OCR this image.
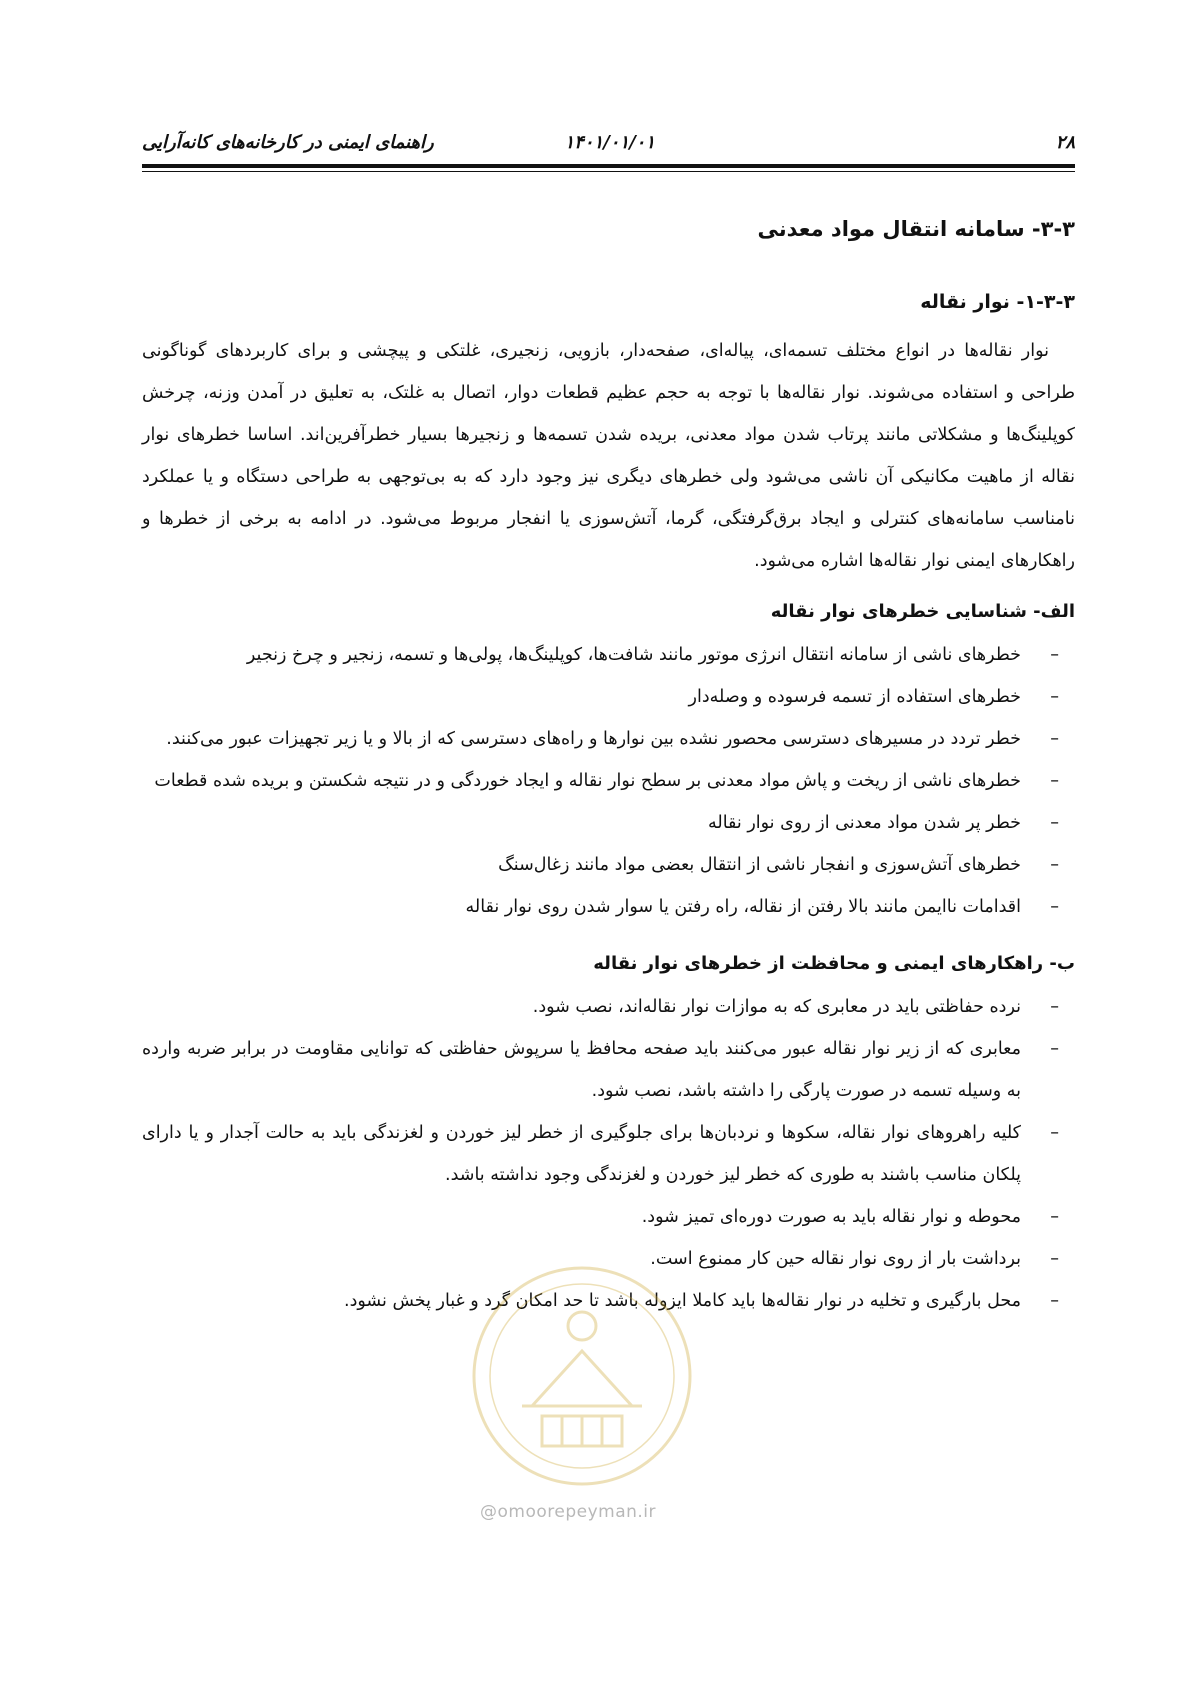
۲۸
۱۴۰۱/۰۱/۰۱
راهنمای ایمنی در کارخانه‌های کانه‌آرایی
۳-۳- سامانه انتقال مواد معدنی
۱-۳-۳- نوار نقاله

نوار نقاله‌ها در انواع مختلف تسمه‌ای، پیاله‌ای، صفحه‌دار، بازویی، زنجیری، غلتکی و پیچشی و برای کاربردهای گوناگونی طراحی و استفاده می‌شوند. نوار نقاله‌ها با توجه به حجم عظیم قطعات دوار، اتصال به غلتک، به تعلیق در آمدن وزنه، چرخش کوپلینگ‌ها و مشکلاتی مانند پرتاب شدن مواد معدنی، بریده شدن تسمه‌ها و زنجیرها بسیار خطرآفرین‌اند. اساسا خطرهای نوار نقاله از ماهیت مکانیکی آن ناشی می‌شود ولی خطرهای دیگری نیز وجود دارد که به بی‌توجهی به طراحی دستگاه و یا عملکرد نامناسب سامانه‌های کنترلی و ایجاد برق‌گرفتگی، گرما، آتش‌سوزی یا انفجار مربوط می‌شود. در ادامه به برخی از خطرها و راهکارهای ایمنی نوار نقاله‌ها اشاره می‌شود.

الف- شناسایی خطرهای نوار نقاله
–
خطرهای ناشی از سامانه انتقال انرژی موتور مانند شافت‌ها، کوپلینگ‌ها، پولی‌ها و تسمه، زنجیر و چرخ زنجیر
–
خطرهای استفاده از تسمه فرسوده و وصله‌دار
–
خطر تردد در مسیرهای دسترسی محصور نشده بین نوارها و راه‌های دسترسی که از بالا و یا زیر تجهیزات عبور می‌کنند.
–
خطرهای ناشی از ریخت و پاش مواد معدنی بر سطح نوار نقاله و ایجاد خوردگی و در نتیجه شکستن و بریده شده قطعات
–
خطر پر شدن مواد معدنی از روی نوار نقاله
–
خطرهای آتش‌سوزی و انفجار ناشی از انتقال بعضی مواد مانند زغال‌سنگ
–
اقدامات ناایمن مانند بالا رفتن از نقاله، راه رفتن یا سوار شدن روی نوار نقاله
ب- راهکارهای ایمنی و محافظت از خطرهای نوار نقاله
–
نرده حفاظتی باید در معابری که به موازات نوار نقاله‌اند، نصب شود.
–
معابری که از زیر نوار نقاله عبور می‌کنند باید صفحه محافظ یا سرپوش حفاظتی که توانایی مقاومت در برابر ضربه وارده به وسیله تسمه در صورت پارگی را داشته باشد، نصب شود.
–
کلیه راهروهای نوار نقاله، سکوها و نردبان‌ها برای جلوگیری از خطر لیز خوردن و لغزندگی باید به حالت آجدار و یا دارای پلکان مناسب باشند به طوری که خطر لیز خوردن و لغزندگی وجود نداشته باشد.
–
محوطه و نوار نقاله باید به صورت دوره‌ای تمیز شود.
–
برداشت بار از روی نوار نقاله حین کار ممنوع است.
–
محل بارگیری و تخلیه در نوار نقاله‌ها باید کاملا ایزوله باشد تا حد امکان گرد و غبار پخش نشود.
@omoorepeyman.ir
